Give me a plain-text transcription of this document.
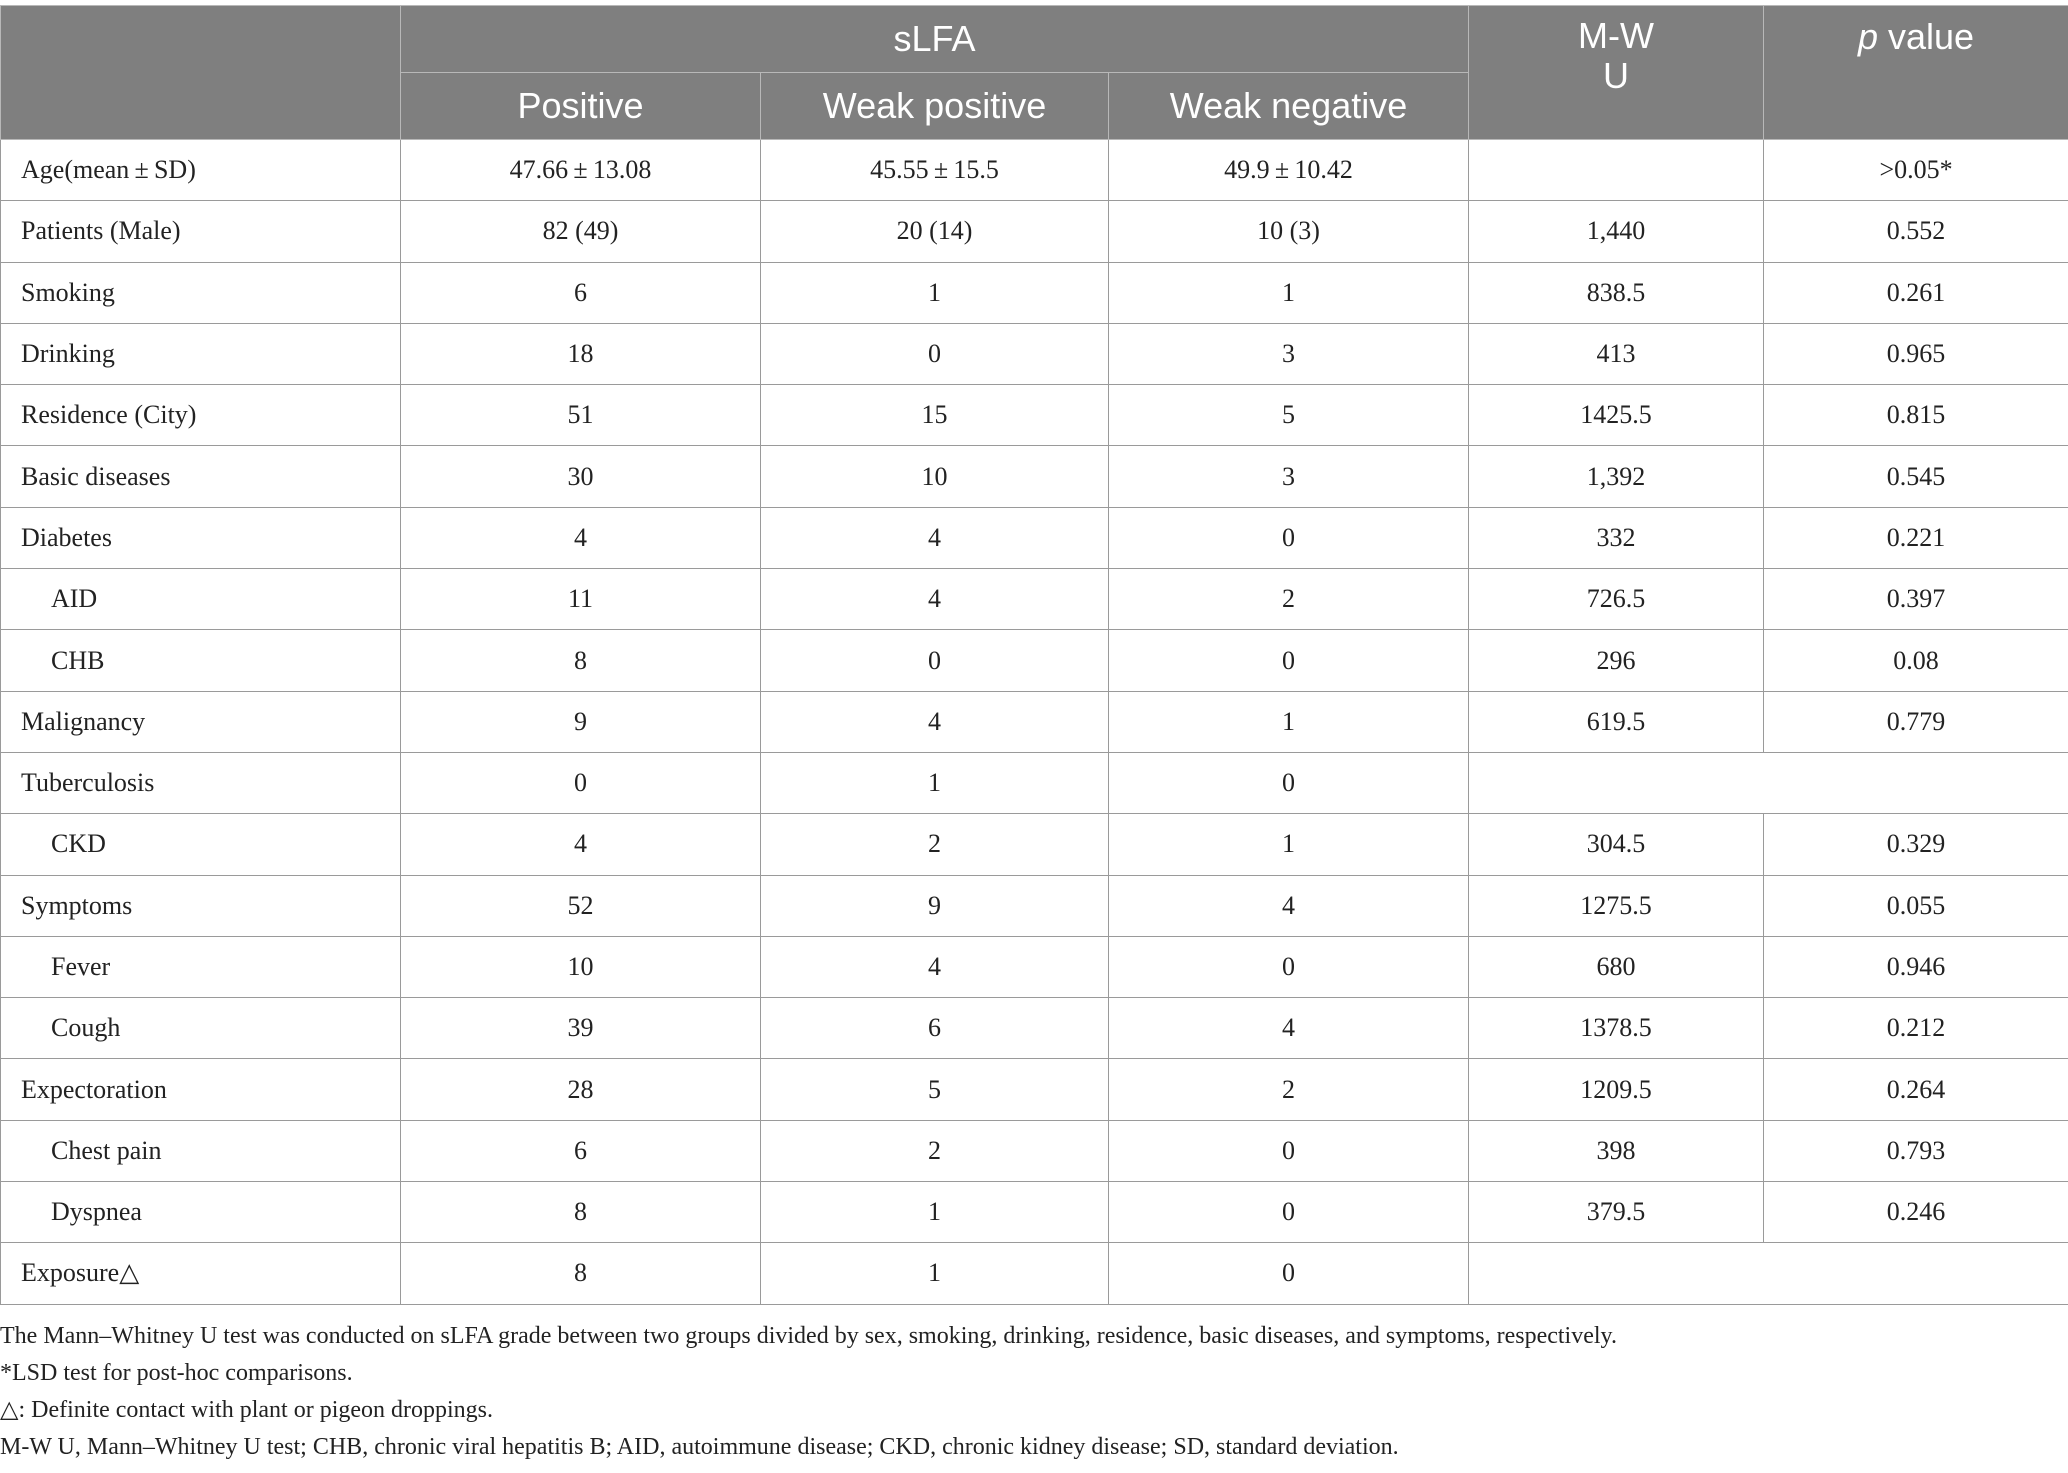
	sLFA			M-W
U	p value
	Positive	Weak positive	Weak negative		
Age(mean ± SD)	47.66 ± 13.08	45.55 ± 15.5	49.9 ± 10.42		>0.05*
Patients (Male)	82 (49)	20 (14)	10 (3)	1,440	0.552
Smoking	6	1	1	838.5	0.261
Drinking	18	0	3	413	0.965
Residence (City)	51	15	5	1425.5	0.815
Basic diseases	30	10	3	1,392	0.545
Diabetes	4	4	0	332	0.221
AID	11	4	2	726.5	0.397
CHB	8	0	0	296	0.08
Malignancy	9	4	1	619.5	0.779
Tuberculosis	0	1	0		
CKD	4	2	1	304.5	0.329
Symptoms	52	9	4	1275.5	0.055
Fever	10	4	0	680	0.946
Cough	39	6	4	1378.5	0.212
Expectoration	28	5	2	1209.5	0.264
Chest pain	6	2	0	398	0.793
Dyspnea	8	1	0	379.5	0.246
Exposure△	8	1	0		
The Mann–Whitney U test was conducted on sLFA grade between two groups divided by sex, smoking, drinking, residence, basic diseases, and symptoms, respectively.
*LSD test for post-hoc comparisons.
△: Definite contact with plant or pigeon droppings.
M-W U, Mann–Whitney U test; CHB, chronic viral hepatitis B; AID, autoimmune disease; CKD, chronic kidney disease; SD, standard deviation.
